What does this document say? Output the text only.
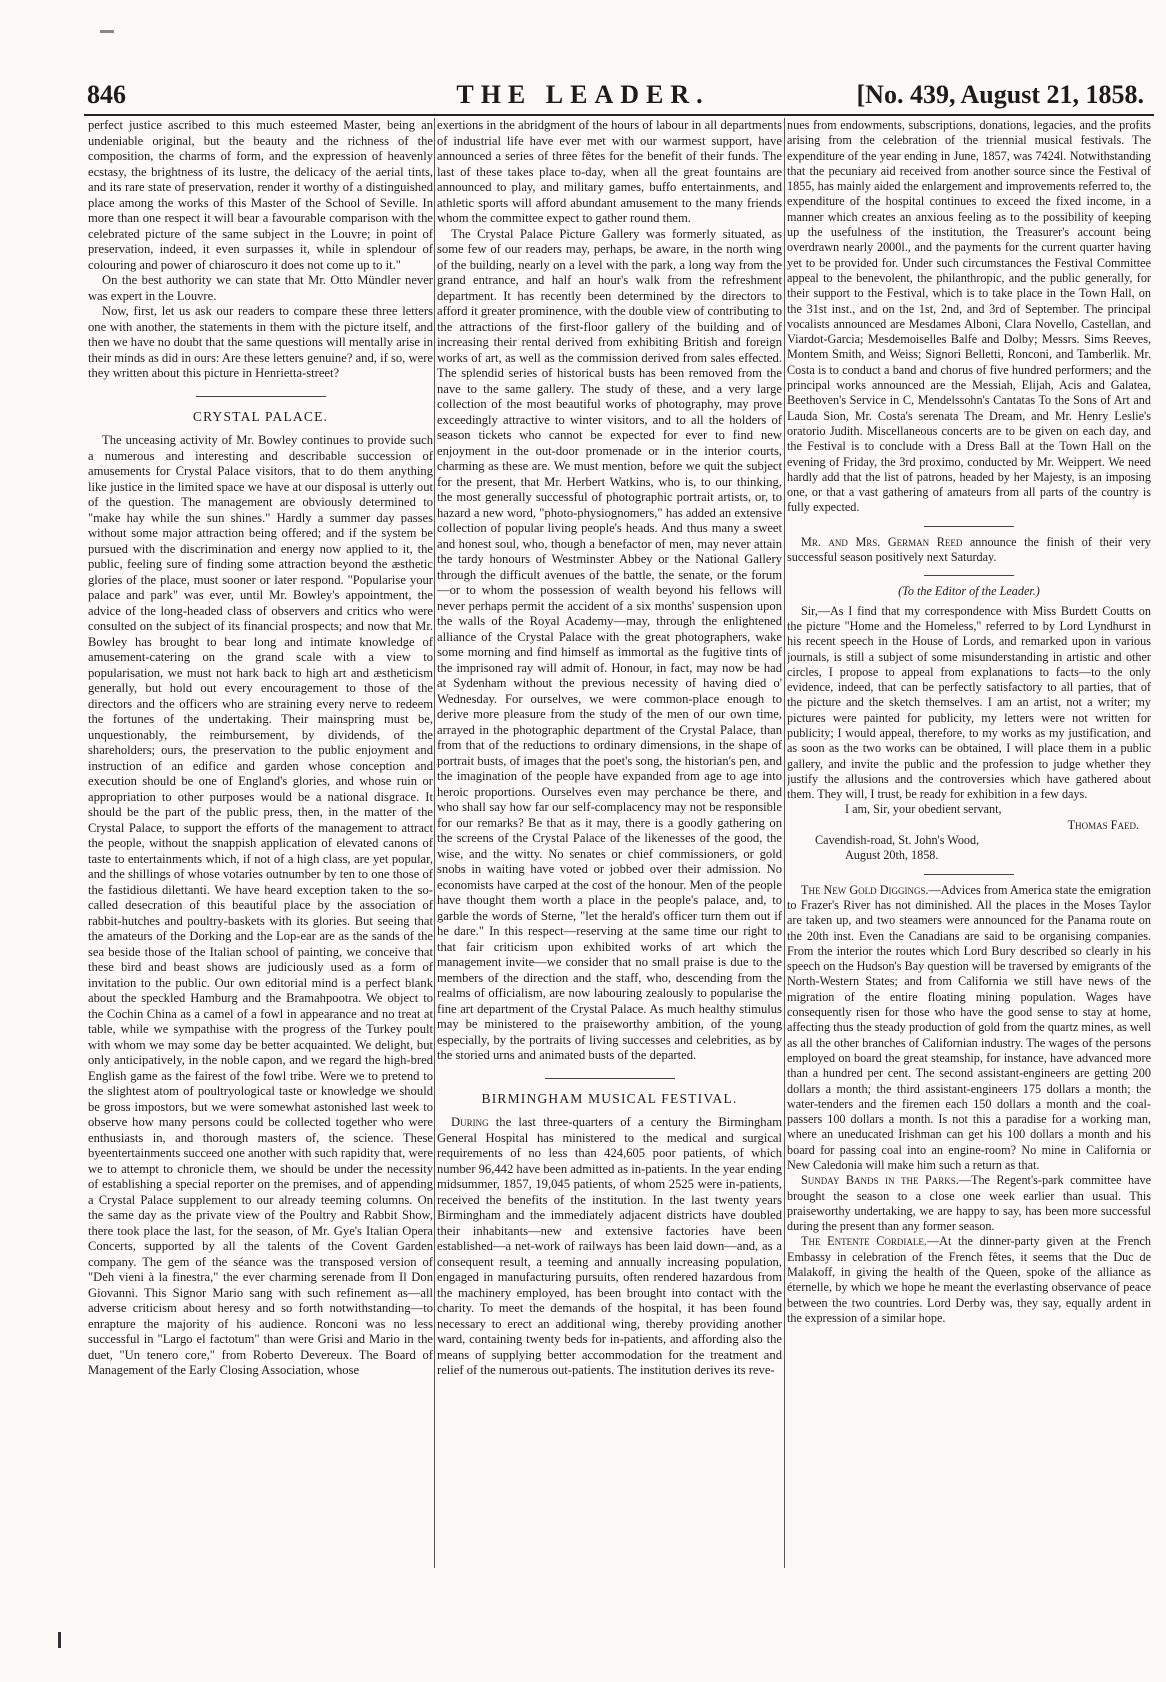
846	THE LEADER.	[No. 439, August 21, 1858.

perfect justice ascribed to this much esteemed Master, being an undeniable original, but the beauty and the richness of the composition, the charms of form, and the expression of heavenly ecstasy, the brightness of its lustre, the delicacy of the aerial tints, and its rare state of preservation, render it worthy of a distinguished place among the works of this Master of the School of Seville. In more than one respect it will bear a favourable comparison with the celebrated picture of the same subject in the Louvre; in point of preservation, indeed, it even surpasses it, while in splendour of colouring and power of chiaroscuro it does not come up to it."

On the best authority we can state that Mr. Otto Mündler never was expert in the Louvre.

Now, first, let us ask our readers to compare these three letters one with another, the statements in them with the picture itself, and then we have no doubt that the same questions will mentally arise in their minds as did in ours: Are these letters genuine? and, if so, were they written about this picture in Henrietta-street?

CRYSTAL PALACE.

The unceasing activity of Mr. Bowley continues to provide such a numerous and interesting and describable succession of amusements for Crystal Palace visitors, that to do them anything like justice in the limited space we have at our disposal is utterly out of the question. The management are obviously determined to "make hay while the sun shines." Hardly a summer day passes without some major attraction being offered; and if the system be pursued with the discrimination and energy now applied to it, the public, feeling sure of finding some attraction beyond the æsthetic glories of the place, must sooner or later respond. "Popularise your palace and park" was ever, until Mr. Bowley's appointment, the advice of the long-headed class of observers and critics who were consulted on the subject of its financial prospects; and now that Mr. Bowley has brought to bear long and intimate knowledge of amusement-catering on the grand scale with a view to popularisation, we must not hark back to high art and æstheticism generally, but hold out every encouragement to those of the directors and the officers who are straining every nerve to redeem the fortunes of the undertaking. Their mainspring must be, unquestionably, the reimbursement, by dividends, of the shareholders; ours, the preservation to the public enjoyment and instruction of an edifice and garden whose conception and execution should be one of England's glories, and whose ruin or appropriation to other purposes would be a national disgrace. It should be the part of the public press, then, in the matter of the Crystal Palace, to support the efforts of the management to attract the people, without the snappish application of elevated canons of taste to entertainments which, if not of a high class, are yet popular, and the shillings of whose votaries outnumber by ten to one those of the fastidious dilettanti. We have heard exception taken to the so-called desecration of this beautiful place by the association of rabbit-hutches and poultry-baskets with its glories. But seeing that the amateurs of the Dorking and the Lop-ear are as the sands of the sea beside those of the Italian school of painting, we conceive that these bird and beast shows are judiciously used as a form of invitation to the public. Our own editorial mind is a perfect blank about the speckled Hamburg and the Bramahpootra. We object to the Cochin China as a camel of a fowl in appearance and no treat at table, while we sympathise with the progress of the Turkey poult with whom we may some day be better acquainted. We delight, but only anticipatively, in the noble capon, and we regard the high-bred English game as the fairest of the fowl tribe. Were we to pretend to the slightest atom of poultryological taste or knowledge we should be gross impostors, but we were somewhat astonished last week to observe how many persons could be collected together who were enthusiasts in, and thorough masters of, the science. These byeentertainments succeed one another with such rapidity that, were we to attempt to chronicle them, we should be under the necessity of establishing a special reporter on the premises, and of appending a Crystal Palace supplement to our already teeming columns. On the same day as the private view of the Poultry and Rabbit Show, there took place the last, for the season, of Mr. Gye's Italian Opera Concerts, supported by all the talents of the Covent Garden company. The gem of the séance was the transposed version of "Deh vieni à la finestra," the ever charming serenade from Il Don Giovanni. This Signor Mario sang with such refinement as—all adverse criticism about heresy and so forth notwithstanding—to enrapture the majority of his audience. Ronconi was no less successful in "Largo el factotum" than were Grisi and Mario in the duet, "Un tenero core," from Roberto Devereux. The Board of Management of the Early Closing Association, whose

exertions in the abridgment of the hours of labour in all departments of industrial life have ever met with our warmest support, have announced a series of three fêtes for the benefit of their funds. The last of these takes place to-day, when all the great fountains are announced to play, and military games, buffo entertainments, and athletic sports will afford abundant amusement to the many friends whom the committee expect to gather round them.

The Crystal Palace Picture Gallery was formerly situated, as some few of our readers may, perhaps, be aware, in the north wing of the building, nearly on a level with the park, a long way from the grand entrance, and half an hour's walk from the refreshment department. It has recently been determined by the directors to afford it greater prominence, with the double view of contributing to the attractions of the first-floor gallery of the building and of increasing their rental derived from exhibiting British and foreign works of art, as well as the commission derived from sales effected. The splendid series of historical busts has been removed from the nave to the same gallery. The study of these, and a very large collection of the most beautiful works of photography, may prove exceedingly attractive to winter visitors, and to all the holders of season tickets who cannot be expected for ever to find new enjoyment in the out-door promenade or in the interior courts, charming as these are. We must mention, before we quit the subject for the present, that Mr. Herbert Watkins, who is, to our thinking, the most generally successful of photographic portrait artists, or, to hazard a new word, "photo-physiognomers," has added an extensive collection of popular living people's heads. And thus many a sweet and honest soul, who, though a benefactor of men, may never attain the tardy honours of Westminster Abbey or the National Gallery through the difficult avenues of the battle, the senate, or the forum—or to whom the possession of wealth beyond his fellows will never perhaps permit the accident of a six months' suspension upon the walls of the Royal Academy—may, through the enlightened alliance of the Crystal Palace with the great photographers, wake some morning and find himself as immortal as the fugitive tints of the imprisoned ray will admit of. Honour, in fact, may now be had at Sydenham without the previous necessity of having died o' Wednesday. For ourselves, we were common-place enough to derive more pleasure from the study of the men of our own time, arrayed in the photographic department of the Crystal Palace, than from that of the reductions to ordinary dimensions, in the shape of portrait busts, of images that the poet's song, the historian's pen, and the imagination of the people have expanded from age to age into heroic proportions. Ourselves even may perchance be there, and who shall say how far our self-complacency may not be responsible for our remarks? Be that as it may, there is a goodly gathering on the screens of the Crystal Palace of the likenesses of the good, the wise, and the witty. No senates or chief commissioners, or gold snobs in waiting have voted or jobbed over their admission. No economists have carped at the cost of the honour. Men of the people have thought them worth a place in the people's palace, and, to garble the words of Sterne, "let the herald's officer turn them out if he dare." In this respect—reserving at the same time our right to that fair criticism upon exhibited works of art which the management invite—we consider that no small praise is due to the members of the direction and the staff, who, descending from the realms of officialism, are now labouring zealously to popularise the fine art department of the Crystal Palace. As much healthy stimulus may be ministered to the praiseworthy ambition, of the young especially, by the portraits of living successes and celebrities, as by the storied urns and animated busts of the departed.

BIRMINGHAM MUSICAL FESTIVAL.

During the last three-quarters of a century the Birmingham General Hospital has ministered to the medical and surgical requirements of no less than 424,605 poor patients, of which number 96,442 have been admitted as in-patients. In the year ending midsummer, 1857, 19,045 patients, of whom 2525 were in-patients, received the benefits of the institution. In the last twenty years Birmingham and the immediately adjacent districts have doubled their inhabitants—new and extensive factories have been established—a net-work of railways has been laid down—and, as a consequent result, a teeming and annually increasing population, engaged in manufacturing pursuits, often rendered hazardous from the machinery employed, has been brought into contact with the charity. To meet the demands of the hospital, it has been found necessary to erect an additional wing, thereby providing another ward, containing twenty beds for in-patients, and affording also the means of supplying better accommodation for the treatment and relief of the numerous out-patients. The institution derives its reve-

nues from endowments, subscriptions, donations, legacies, and the profits arising from the celebration of the triennial musical festivals. The expenditure of the year ending in June, 1857, was 7424l. Notwithstanding that the pecuniary aid received from another source since the Festival of 1855, has mainly aided the enlargement and improvements referred to, the expenditure of the hospital continues to exceed the fixed income, in a manner which creates an anxious feeling as to the possibility of keeping up the usefulness of the institution, the Treasurer's account being overdrawn nearly 2000l., and the payments for the current quarter having yet to be provided for. Under such circumstances the Festival Committee appeal to the benevolent, the philanthropic, and the public generally, for their support to the Festival, which is to take place in the Town Hall, on the 31st inst., and on the 1st, 2nd, and 3rd of September. The principal vocalists announced are Mesdames Alboni, Clara Novello, Castellan, and Viardot-Garcia; Mesdemoiselles Balfe and Dolby; Messrs. Sims Reeves, Montem Smith, and Weiss; Signori Belletti, Ronconi, and Tamberlik. Mr. Costa is to conduct a band and chorus of five hundred performers; and the principal works announced are the Messiah, Elijah, Acis and Galatea, Beethoven's Service in C, Mendelssohn's Cantatas To the Sons of Art and Lauda Sion, Mr. Costa's serenata The Dream, and Mr. Henry Leslie's oratorio Judith. Miscellaneous concerts are to be given on each day, and the Festival is to conclude with a Dress Ball at the Town Hall on the evening of Friday, the 3rd proximo, conducted by Mr. Weippert. We need hardly add that the list of patrons, headed by her Majesty, is an imposing one, or that a vast gathering of amateurs from all parts of the country is fully expected.

Mr. and Mrs. German Reed announce the finish of their very successful season positively next Saturday.

(To the Editor of the Leader.)

Sir,—As I find that my correspondence with Miss Burdett Coutts on the picture "Home and the Homeless," referred to by Lord Lyndhurst in his recent speech in the House of Lords, and remarked upon in various journals, is still a subject of some misunderstanding in artistic and other circles, I propose to appeal from explanations to facts—to the only evidence, indeed, that can be perfectly satisfactory to all parties, that of the picture and the sketch themselves. I am an artist, not a writer; my pictures were painted for publicity, my letters were not written for publicity; I would appeal, therefore, to my works as my justification, and as soon as the two works can be obtained, I will place them in a public gallery, and invite the public and the profession to judge whether they justify the allusions and the controversies which have gathered about them. They will, I trust, be ready for exhibition in a few days.

I am, Sir, your obedient servant,
Thomas Faed.
Cavendish-road, St. John's Wood,
August 20th, 1858.

The New Gold Diggings.—Advices from America state the emigration to Frazer's River has not diminished. All the places in the Moses Taylor are taken up, and two steamers were announced for the Panama route on the 20th inst. Even the Canadians are said to be organising companies. From the interior the routes which Lord Bury described so clearly in his speech on the Hudson's Bay question will be traversed by emigrants of the North-Western States; and from California we still have news of the migration of the entire floating mining population. Wages have consequently risen for those who have the good sense to stay at home, affecting thus the steady production of gold from the quartz mines, as well as all the other branches of Californian industry. The wages of the persons employed on board the great steamship, for instance, have advanced more than a hundred per cent. The second assistant-engineers are getting 200 dollars a month; the third assistant-engineers 175 dollars a month; the water-tenders and the firemen each 150 dollars a month and the coal-passers 100 dollars a month. Is not this a paradise for a working man, where an uneducated Irishman can get his 100 dollars a month and his board for passing coal into an engine-room? No mine in California or New Caledonia will make him such a return as that.

Sunday Bands in the Parks.—The Regent's-park committee have brought the season to a close one week earlier than usual. This praiseworthy undertaking, we are happy to say, has been more successful during the present than any former season.

The Entente Cordiale.—At the dinner-party given at the French Embassy in celebration of the French fêtes, it seems that the Duc de Malakoff, in giving the health of the Queen, spoke of the alliance as éternelle, by which we hope he meant the everlasting observance of peace between the two countries. Lord Derby was, they say, equally ardent in the expression of a similar hope.
